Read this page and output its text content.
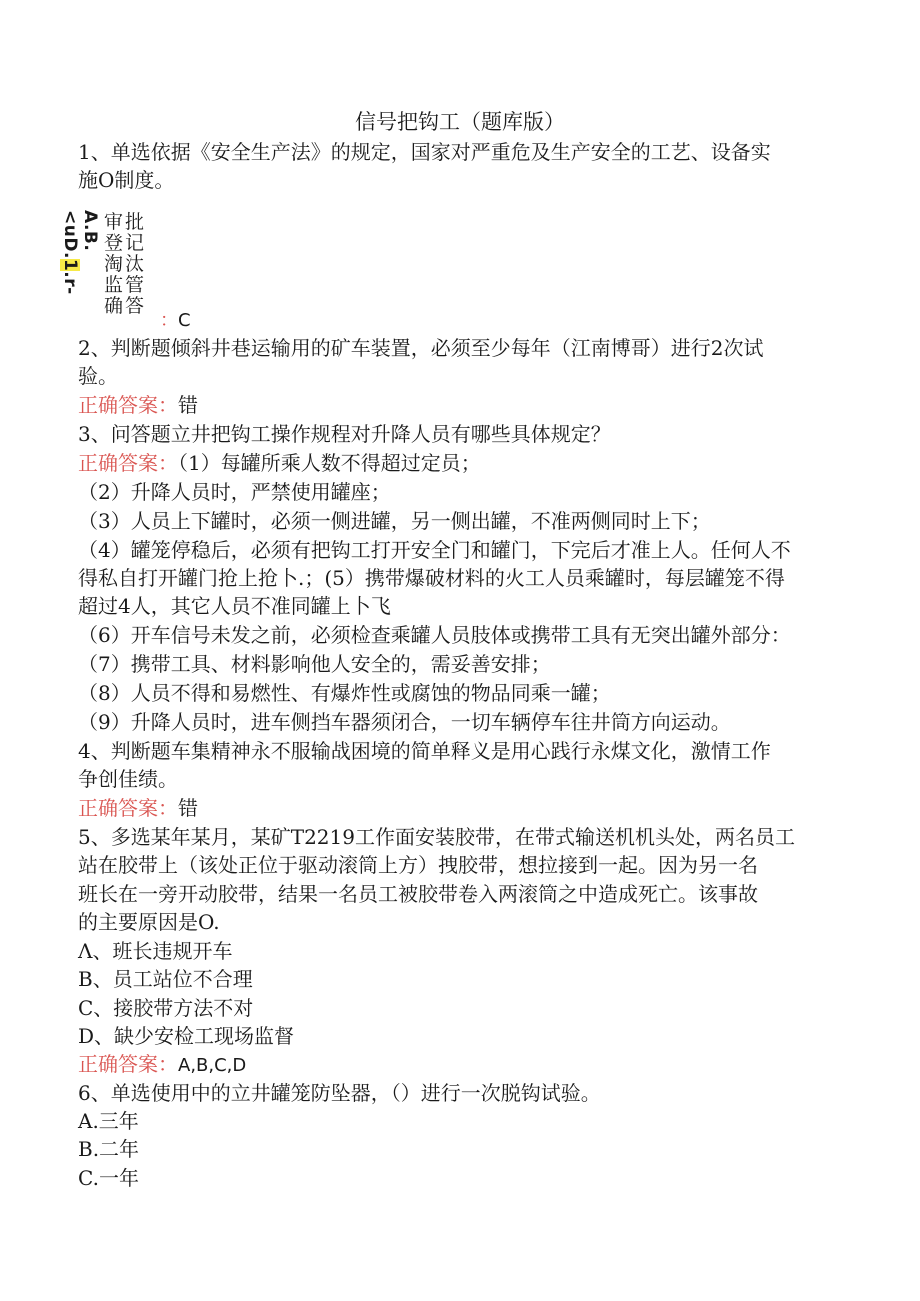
信号把钩工（题库版）
1、单选依据《安全生产法》的规定，国家对严重危及生产安全的工艺、设备实
施O制度。
A.B.<uD.1.r-
审批
登记
淘汰
监管
确答
：C
2、判断题倾斜井巷运输用的矿车装置，必须至少每年（江南博哥）进行2次试
验。
正确答案：错
3、问答题立井把钩工操作规程对升降人员有哪些具体规定？
正确答案：（1）每罐所乘人数不得超过定员；
（2）升降人员时，严禁使用罐座；
（3）人员上下罐时，必须一侧进罐，另一侧出罐，不准两侧同时上下；
（4）罐笼停稳后，必须有把钩工打开安全门和罐门，下完后才准上人。任何人不
得私自打开罐门抢上抢卜.；(5）携带爆破材料的火工人员乘罐时，每层罐笼不得
超过4人，其它人员不准同罐上卜飞
（6）开车信号未发之前，必须检查乘罐人员肢体或携带工具有无突出罐外部分：
（7）携带工具、材料影响他人安全的，需妥善安排；
（8）人员不得和易燃性、有爆炸性或腐蚀的物品同乘一罐；
（9）升降人员时，进车侧挡车器须闭合，一切车辆停车往井筒方向运动。
4、判断题车集精神永不服输战困境的简单释义是用心践行永煤文化，激情工作
争创佳绩。
正确答案：错
5、多选某年某月，某矿T2219工作面安装胶带，在带式输送机机头处，两名员工
站在胶带上（该处正位于驱动滚筒上方）拽胶带，想拉接到一起。因为另一名
班长在一旁开动胶带，结果一名员工被胶带卷入两滚筒之中造成死亡。该事故
的主要原因是O.
Λ、班长违规开车
B、员工站位不合理
C、接胶带方法不对
D、缺少安检工现场监督
正确答案：A,B,C,D
6、单选使用中的立井罐笼防坠器，（）进行一次脱钩试验。
A.三年
B.二年
C.一年
